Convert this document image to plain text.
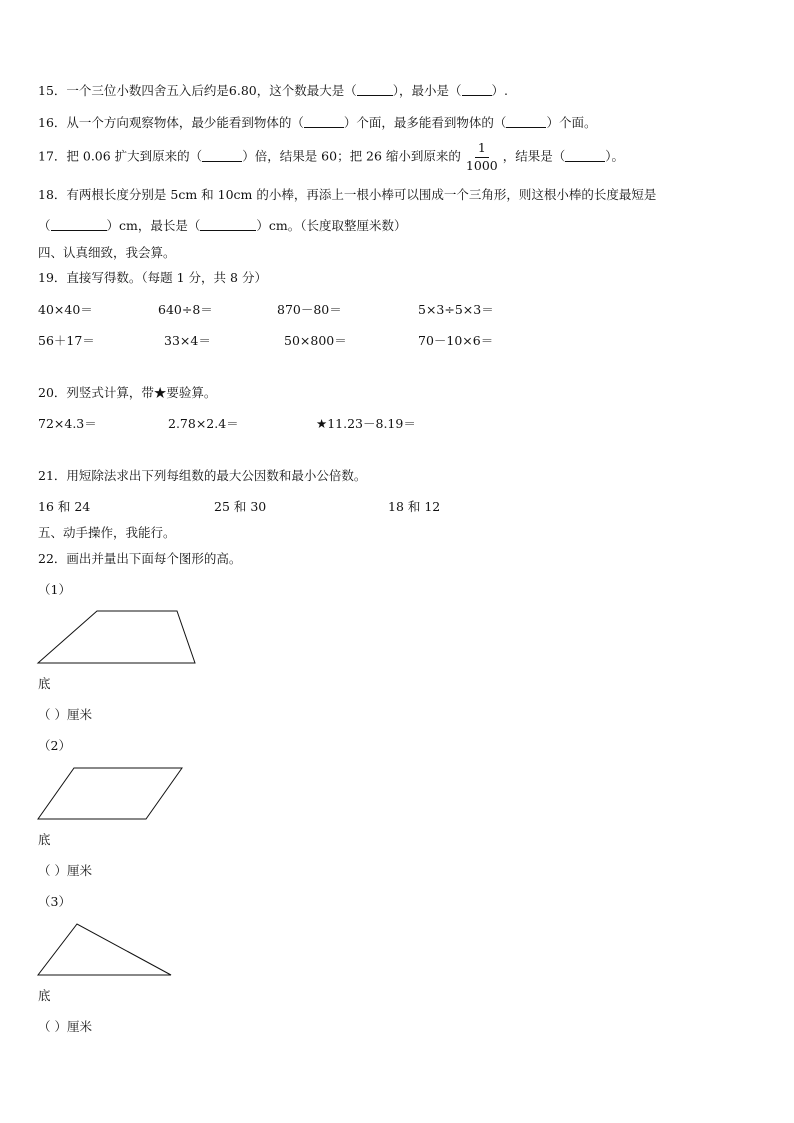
15．一个三位小数四舍五入后约是6.80，这个数最大是（	），最小是（ ）.
16．从一个方向观察物体，最少能看到物体的（	）个面，最多能看到物体的（	）个面。
17．把 0.06 扩大到原来的（	）倍，结果是 60；把 26 缩小到原来的 $\frac{1}{1000}$ ，结果是（	）。
18．有两根长度分别是 5cm 和 10cm 的小棒，再添上一根小棒可以围成一个三角形，则这根小棒的长度最短是
（	）cm，最长是（	）cm。（长度取整厘米数）
四、认真细致，我会算。
19．直接写得数。（每题 1 分，共 8 分）
40×40＝	640÷8＝	870－80＝	5×3÷5×3＝
56＋17＝	33×4＝	50×800＝	70－10×6＝
20．列竖式计算，带★要验算。
72×4.3＝	2.78×2.4＝	★11.23－8.19＝
21．用短除法求出下列每组数的最大公因数和最小公倍数。
16 和 24	25 和 30	18 和 12
五、动手操作，我能行。
22．画出并量出下面每个图形的高。
（1）
底
（ ）厘米
（2）
底
（ ）厘米
（3）
底
（ ）厘米
